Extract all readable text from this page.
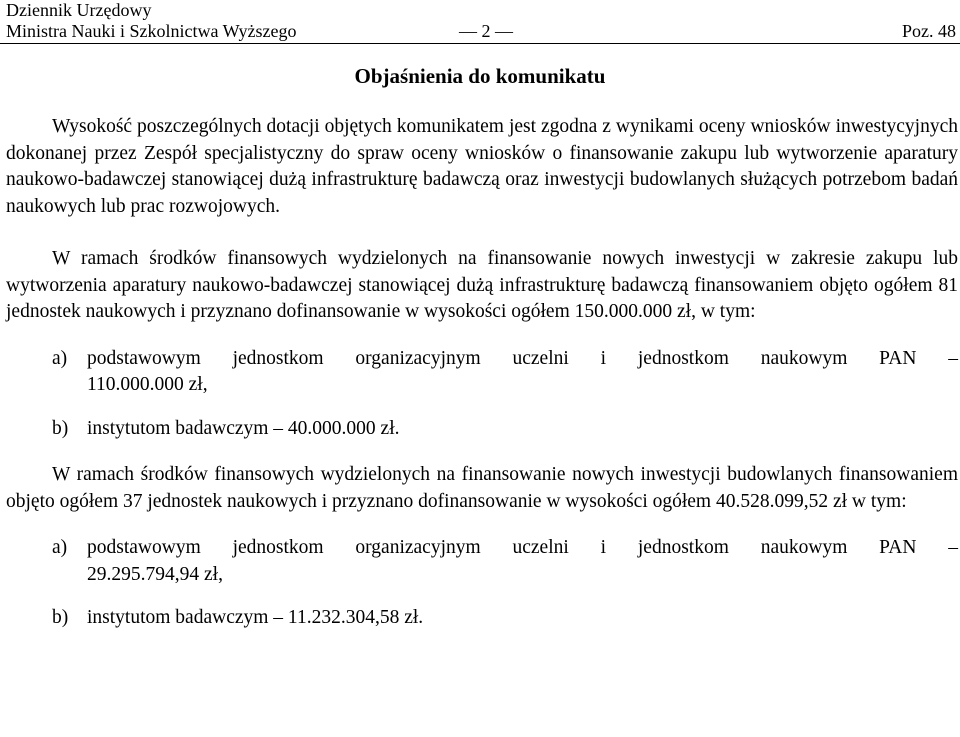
Dziennik Urzędowy
Ministra Nauki i Szkolnictwa Wyższego	— 2 —	Poz. 48
Objaśnienia do komunikatu

Wysokość poszczególnych dotacji objętych komunikatem jest zgodna z wynikami oceny wniosków inwestycyjnych dokonanej przez Zespół specjalistyczny do spraw oceny wniosków o finansowanie zakupu lub wytworzenie aparatury naukowo-badawczej stanowiącej dużą infrastrukturę badawczą oraz inwestycji budowlanych służących potrzebom badań naukowych lub prac rozwojowych.

W ramach środków finansowych wydzielonych na finansowanie nowych inwestycji w zakresie zakupu lub wytworzenia aparatury naukowo-badawczej stanowiącej dużą infrastrukturę badawczą finansowaniem objęto ogółem 81 jednostek naukowych i przyznano dofinansowanie w wysokości ogółem 150.000.000 zł, w tym:

a) podstawowym jednostkom organizacyjnym uczelni i jednostkom naukowym PAN –

110.000.000 zł,

b) instytutom badawczym – 40.000.000 zł.

W ramach środków finansowych wydzielonych na finansowanie nowych inwestycji budowlanych finansowaniem objęto ogółem 37 jednostek naukowych i przyznano dofinansowanie w wysokości ogółem 40.528.099,52 zł w tym:

a) podstawowym jednostkom organizacyjnym uczelni i jednostkom naukowym PAN –

29.295.794,94 zł,

b) instytutom badawczym – 11.232.304,58 zł.
